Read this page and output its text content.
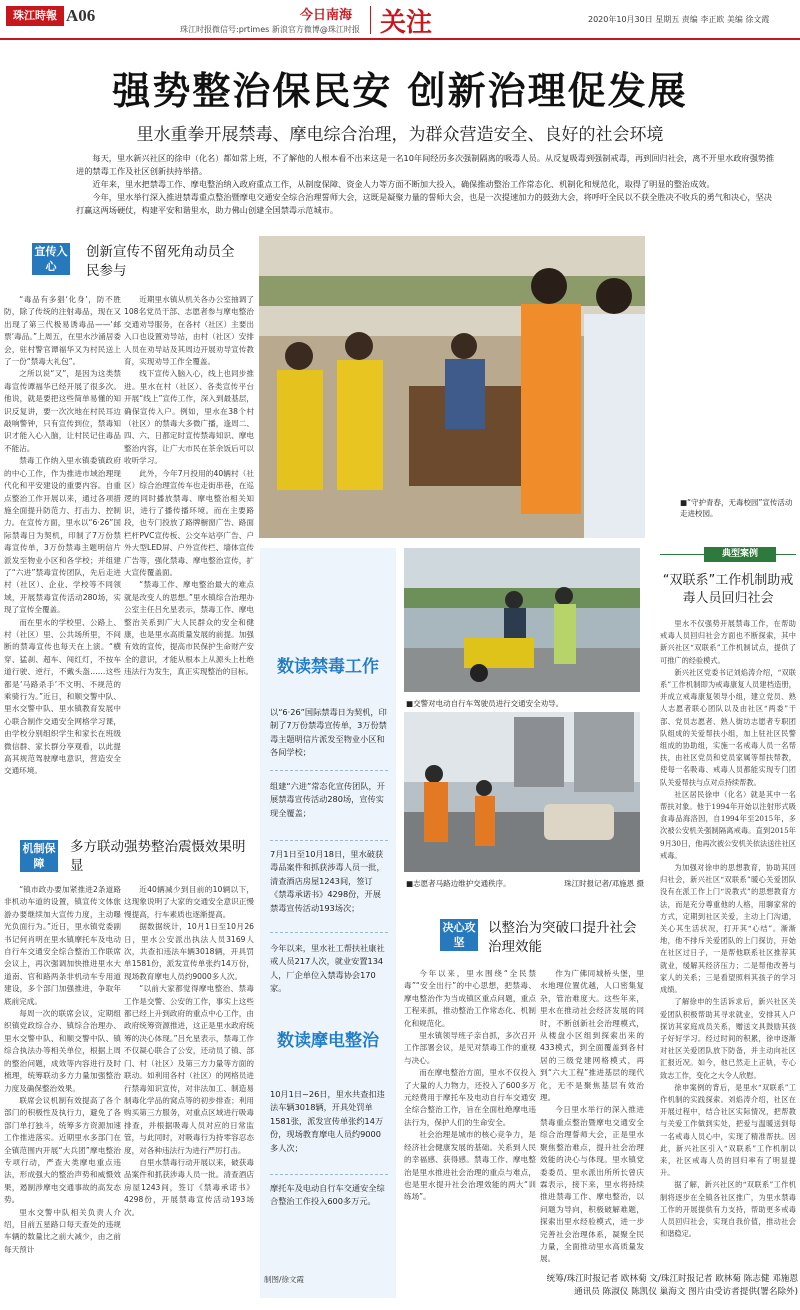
珠江時報 A06	今日南海
珠江时报微信号:prtimes 新浪官方微博@珠江时报 关注	2020年10月30日 星期五 责编 李正欧 美编 徐文霞
强势整治保民安 创新治理促发展
里水重拳开展禁毒、摩电综合治理，为群众营造安全、良好的社会环境

每天，里水新兴社区的徐申（化名）都如常上班，不了解他的人根本看不出来这是一名10年间经历多次强制隔离的吸毒人员。从反复吸毒到强制戒毒，再到回归社会，离不开里水政府强势推进的禁毒工作及社区创新扶持举措。

近年来，里水把禁毒工作、摩电整治纳入政府重点工作，从制度保障、资金人力等方面不断加大投入，确保推动整治工作常态化、机制化和规范化，取得了明显的整治成效。

今年，里水举行深入推进禁毒重点整治暨摩电交通安全综合治理誓师大会，这既是凝聚力量的誓师大会，也是一次提速加力的鼓劲大会，将呼吁全民以不获全胜决不收兵的勇气和决心，坚决打赢这两场硬仗，构建平安和谐里水，助力佛山创建全国禁毒示范城市。

宣传入心
创新宣传不留死角动员全民参与

“毒品有多猖‘化身’，防不胜防，除了传统的注射毒品，现在又出现了第三代极易诱毒品——‘邮票’毒品。”上周五，在里水沙涌居委会，驻村警官谭福华又为村民送上了一份“禁毒大礼包”。

之所以说“又”，是因为这类禁毒宣传谭福华已经开展了很多次。他说，就是要把这些简单易懂的知识反复讲，要一次次地在村民耳边敲响警钟，只有宣传到位，禁毒知识才能入心入脑，让村民记住毒品不能沾。

禁毒工作纳入里水镇委镇政府的中心工作，作为推进市域治理现代化和平安建设的重要内容。自重点整治工作开展以来，通过各项措施全面提升防范力、打击力、控制力。在宣传方面，里水以“6·26”国际禁毒日为契机，印制了7万份禁毒宣传单，3万份禁毒主题明信片派发至物业小区和各学校；并组建了“六进”禁毒宣传团队，先后走进村（社区）、企业、学校等不同领域，开展禁毒宣传活动280场，实现了宣传全覆盖。

而在里水的学校里、公路上、村（社区）里、公共场所里，不间断的禁毒宣传也每天在上演。“横穿、猛刹、超车、闯红灯，不按车道行驶、逆行，不戴头盔……这些都是‘马路杀手’不文明、不规范的乘骑行为。”近日，和顺交警中队、里水交警中队、里水镇教育发展中心联合制作交通安全网格学习课，由学校分别组织学生和家长在班级微信群、家长群分享观看，以此提高其规范驾驶摩电意识，营造安全交通环境。

近期里水镇从机关各办公室抽调了108名党员干部、志愿者参与摩电整治交通劝导服务，在各村（社区）主要出入口也设置劝导站，由村（社区）安排人员在劝导站及其周边开展劝导宣传教育，实现劝导工作全覆盖。

线下宣传入脑入心，线上也同步推进。里水在村（社区）、各类宣传平台开展“线上”宣传工作，深入到最基层，确保宣传入户。例如，里水在38个村（社区）的禁毒大多微广播，逢周二、四、六、日都定时宣传禁毒知识、摩电整治内容，让广大市民在茶余饭后可以收听学习。

此外，今年7月投用的40辆村（社区）综合治理宣传车也走街串巷，在巡逻的同时播放禁毒、摩电整治相关知识，进行了播传播环境。而在主要路段，也专门投放了路牌橱窗广告、路面栏杆PVC宣传板、公交车站亭广告、户外大型LED屏、户外宣传栏、墙体宣传广告等，强化禁毒、摩电整治宣传，扩大宣传覆盖面。

“禁毒工作、摩电整治最大的难点就是改变人的思想。”里水镇综合治理办公室主任吕允星表示，禁毒工作、摩电整治关系到广大人民群众的安全和健康，也是里水高质量发展的前提。加强有效的宣传，提高市民保护生命财产安全的意识，才能从根本上从源头上杜绝违法行为发生，真正实现整治的目标。

机制保障
多方联动强势整治震慑效果明显

“镇市政办要加紧推进2条道路非机动车道的设置，镇宣传文体旅游办要继续加大宣传力度，主动曝光负面行为。”近日，里水镇党委副书记何肖明在里水镇摩托车及电动自行车交通安全综合整治工作联席会议上，再次强调加快推进里水大道南、官和路两条非机动车专用道建设，多个部门加强推进，争取年底前完成。

每周一次的联席会议，定期组织镇党政综合办、镇综合治理办、里水交警中队、和顺交警中队、镇综合执法办等相关单位，根据上周的整治问题，成效等内容进行及时梳理，统筹联动多方力量加强整治力度及确保整治效果。

联席会议机制有效提高了各个部门的积极性及执行力，避免了各部门单打独斗，统筹多方资源加速工作推进落实。近期里水多部门在全镇范围内开展“大兵团”摩电整治专项行动，严查大类摩电重点违法，形成强大的整治声势和威慑效果，遏制涉摩电交通事故的高发态势。

里水交警中队相关负责人介绍，目前五星路口每天查处的违规车辆的数量比之前大减少，由之前每天预计

近40辆减少到目前的10辆以下，这现象说明了大家的交通安全意识正慢慢提高，行车素质也逐渐提高。

据数据统计，10月1日至10月26日，里水公安派出执法人员3169人次，共查扣违法车辆3018辆，开具罚单1581份，派发宣传单张约14万份，现场教育摩电人员约9000多人次。

“以前大家都觉得摩电整治、禁毒工作是交警、公安的工作，事实上这些都已经上升到政府的重点中心工作，由政府统筹资源推进，这正是里水政府统筹的决心体现。”吕允星表示，禁毒工作不仅凝心联合了公安，还动员了镇、部门、村（社区）及第三方力量等方面的联动。如利用各村（社区）的网格员进行禁毒知识宣传，对非法加工、制造易制毒化学品的窝点等的初步排查；利用购买第三方服务，对重点区域进行吸毒排查，并根据吸毒人员对应的日常监管，与此同时，对吸毒行为持零容忍态度，对各种违法行为进行严厉打击。

自里水禁毒行动开展以来，破获毒品案件和抓获涉毒人员一批。清查酒店房屋1243间，签订《禁毒承诺书》4298份，开展禁毒宣传活动193场次。

■“守护青春，无毒校园”宣传活动走进校园。
数读禁毒工作
以“6·26”国际禁毒日为契机，印制了7万份禁毒宣传单，3万份禁毒主题明信片派发至物业小区和各间学校；
组建“六进”常态化宣传团队，开展禁毒宣传活动280场，宣传实现全覆盖；
7月1日至10月18日，里水破获毒品案件和抓获涉毒人员一批，清查酒店房屋1243间，签订《禁毒承诺书》4298份，开展禁毒宣传活动193场次；
今年以来，里水社工帮扶社康社戒人员217人次，就业安置134人，厂企单位入禁毒协会170家。
数读摩电整治
10月1日~26日，里水共查扣违法车辆3018辆，开具处罚单1581张，派发宣传单张约14万份，现场教育摩电人员约9000多人次；
摩托车及电动自行车交通安全综合整治工作投入600多万元。
制图/徐文霞
■交警对电动自行车驾驶员进行交通安全劝导。
■志愿者马路边维护交通秩序。	珠江时报记者/邓施恩 摄
决心攻坚
以整治为突破口提升社会治理效能

今年以来，里水围绕“全民禁毒”“安全出行”的中心思想，把禁毒、摩电整治作为当成镇区重点问题，重点工程来抓，推动整治工作常态化、机制化和规范化。

里水镇领导班子亲自抓，多次召开工作部署会议，是见对禁毒工作的重视与决心。

而在摩电整治方面，里水不仅投入了大量的人力物力，还投入了600多万元经费用于摩托车及电动自行车交通安全综合整治工作，旨在全面杜绝摩电违法行为，保护人们的生命安全。

社会治理是城市的核心竞争力，是经济社会健康发展的基础。关系到人民的幸福感、获得感。禁毒工作、摩电整治是里水推进社会治理的重点与难点，也是里水提升社会治理效能的两大“训练场”。

作为广佛同城桥头堡，里水地理位置优越，人口密集复杂，管治难度大。这些年来，里水在推动社会经济发展的同时，不断创新社会治理模式，从楼盘小区组到探索出来的433模式，到全面覆盖到各村居的三级党建网格模式，再到“六大工程”推进基层的现代化，无不是聚焦基层有效治理。

今日里水举行的深入推进禁毒重点整治暨摩电交通安全综合治理誓师大会，正是里水聚焦整治难点，提升社会治理效能的决心与体现。里水镇党委委员、里水派出所所长曾庆霖表示，接下来，里水将持续推进禁毒工作、摩电整治，以问题为导向，积极破解难题，探索出里水经验模式，进一步完善社会治理体系，凝聚全民力量，全面推动里水高质量发展。

典型案例
“双联系”工作机制助戒毒人员回归社会

里水不仅强势开展禁毒工作，在帮助戒毒人员回归社会方面也不断探索，其中新兴社区“双联系”工作机制试点，提供了可推广的经验模式。

新兴社区党委书记刘焰涛介绍，“双联系”工作机制即为戒毒康复人员建档造册，并成立戒毒康复领导小组，建立党员、熟人志愿者联心团队以及由社区“两委”干部、党员志愿者、熟人街坊志愿者专职团队组成的关爱帮扶小组，加上驻社区民警组成的协助组，实施一名戒毒人员一名帮扶，由社区党员和党员家属等帮扶帮教，使每一名吸毒、戒毒人员都能实现专门团队关爱帮扶与点对点持续帮教。

社区居民徐申（化名）就是其中一名帮扶对象。他于1994年开始以注射形式吸食毒品海洛因，自1994年至2015年，多次被公安机关强制隔离戒毒。直到2015年9月30日，他再次被公安机关依法送往社区戒毒。

为加强对徐申的思想教育，协助其回归社会，新兴社区“双联系”暖心关爱团队没有在派工作上门“说教式”的思想教育方法，而是充分尊重他的人格，用聊家常的方式，定期到社区关爱，主动上门沟通，关心其生活状况，打开其“心结”。渐渐地，他不排斥关爱团队的上门探访，开始在社区过日子，一是帮他联系社区推荐其就业，缓解其经济压力；二是帮他改善与家人的关系；三是看望照料其孩子的学习成绩。

了解徐申的生活诉求后，新兴社区关爱团队积极帮助其寻求就业，安排其入户探访其家庭成员关系，赠送文具鼓励其孩子好好学习。经过时间的积累，徐申逐渐对社区关爱团队放下防备，并主动向社区汇报近况。如今，他已然走上正轨，专心致志工作，变化之大令人欣慰。

徐申案例的背后，是里水“双联系”工作机制的实践探索。刘焰涛介绍，社区在开展过程中，结合社区实际情况，把帮教与关爱工作做到实处，把爱与温暖送到每一名戒毒人员心中，实现了精准帮扶。因此，新兴社区引入“双联系”工作机制以来，社区戒毒人员的回归率有了明显提升。

据了解，新兴社区的“双联系”工作机制将逐步在全镇各社区推广，为里水禁毒工作的开展提供有力支持，帮助更多戒毒人员回归社会，实现自我价值，推动社会和谐稳定。

统筹/珠江时报记者 欧林菊 文/珠江时报记者 欧林菊 陈志健 邓施恩
通讯员 陈淑仪 陈凯仪 巢海文 图片由受访者提供(署名除外)
